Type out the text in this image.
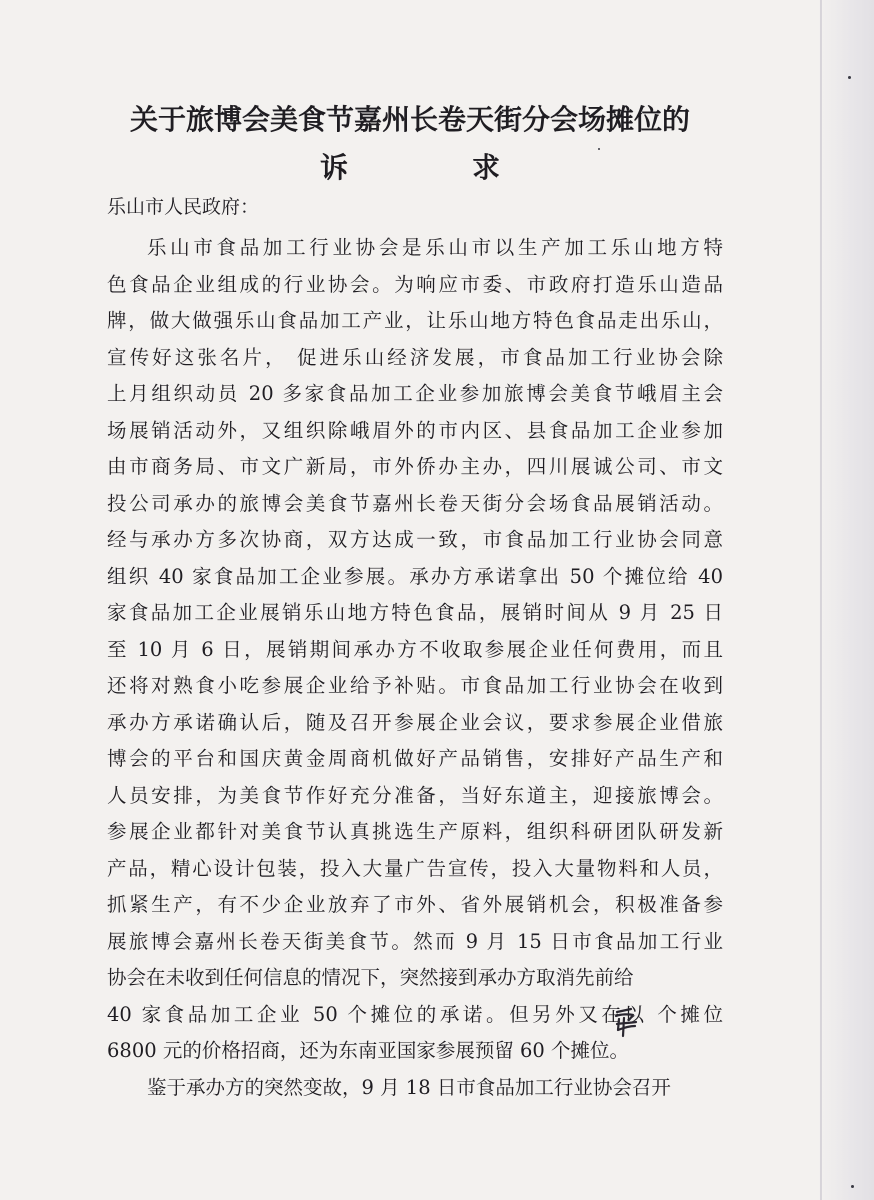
关于旅博会美食节嘉州长卷天街分会场摊位的
诉	求

乐山市人民政府：

乐山市食品加工行业协会是乐山市以生产加工乐山地方特
色食品企业组成的行业协会。为响应市委、市政府打造乐山造品
牌，做大做强乐山食品加工产业，让乐山地方特色食品走出乐山，
宣传好这张名片， 促进乐山经济发展，市食品加工行业协会除
上月组织动员 20 多家食品加工企业参加旅博会美食节峨眉主会
场展销活动外，又组织除峨眉外的市内区、县食品加工企业参加
由市商务局、市文广新局，市外侨办主办，四川展诚公司、市文
投公司承办的旅博会美食节嘉州长卷天街分会场食品展销活动。
经与承办方多次协商，双方达成一致，市食品加工行业协会同意
组织 40 家食品加工企业参展。承办方承诺拿出 50 个摊位给 40
家食品加工企业展销乐山地方特色食品，展销时间从 9 月 25 日
至 10 月 6 日，展销期间承办方不收取参展企业任何费用，而且
还将对熟食小吃参展企业给予补贴。市食品加工行业协会在收到
承办方承诺确认后，随及召开参展企业会议，要求参展企业借旅
博会的平台和国庆黄金周商机做好产品销售，安排好产品生产和
人员安排，为美食节作好充分准备，当好东道主，迎接旅博会。
参展企业都针对美食节认真挑选生产原料，组织科研团队研发新
产品，精心设计包装，投入大量广告宣传，投入大量物料和人员，
抓紧生产，有不少企业放弃了市外、省外展销机会，积极准备参
展旅博会嘉州长卷天街美食节。然而 9 月 15 日市食品加工行业
协会在未收到任何信息的情况下，突然接到承办方取消先前给
40 家食品加工企业 50 个摊位的承诺。但另外又在以 个摊位
6800 元的价格招商，还为东南亚国家参展预留 60 个摊位。
鉴于承办方的突然变故，9 月 18 日市食品加工行业协会召开
